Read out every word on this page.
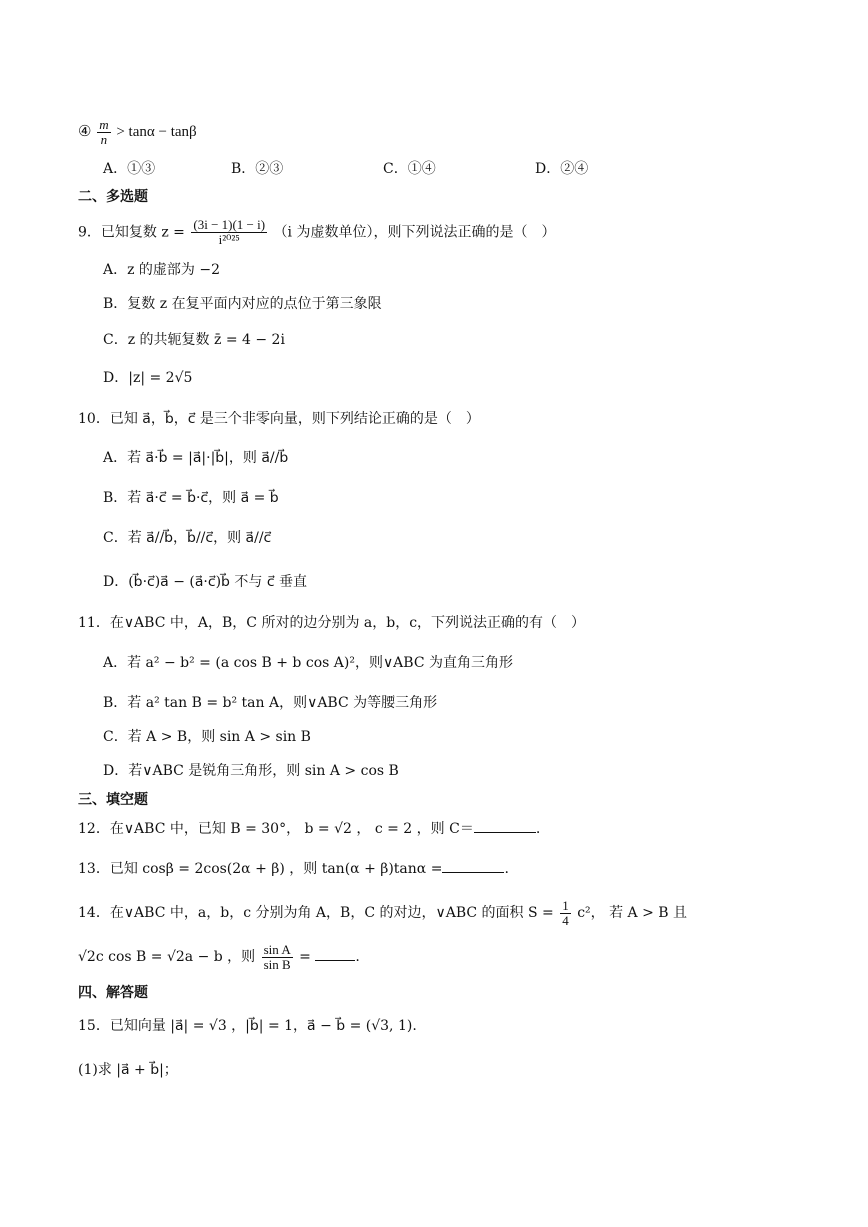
④ $\frac{m}{n} > \tan\alpha - \tan\beta$
A．①③	B．②③	C．①④	D．②④
二、多选题
9．已知复数 $z = \frac{(3i - 1)(1 - i)}{\text{i²⁰²⁵}} (i$ 为虚数单位），则下列说法正确的是（　）
A．z 的虚部为 −2
B．复数 z 在复平面内对应的点位于第三象限
C．z 的共轭复数 z̄ = 4 − 2i
D．|z| = 2√5
10．已知 a⃗，b⃗，c⃗ 是三个非零向量，则下列结论正确的是（　）
A．若 a⃗·b⃗ = |a⃗|·|b⃗|，则 a⃗//b⃗
B．若 a⃗·c⃗ = b⃗·c⃗，则 a⃗ = b⃗
C．若 a⃗//b⃗，b⃗//c⃗，则 a⃗//c⃗
D．(b⃗·c⃗)a⃗ − (a⃗·c⃗)b⃗ 不与 c⃗ 垂直
11．在∨ABC 中，A，B，C 所对的边分别为 a，b，c，下列说法正确的有（　）
A．若 a² − b² = (a cos B + b cos A)²，则∨ABC 为直角三角形
B．若 a² tan B = b² tan A，则∨ABC 为等腰三角形
C．若 A > B，则 sin A > sin B
D．若∨ABC 是锐角三角形，则 sin A > cos B
三、填空题
12．在∨ABC 中，已知 B = 30°， b = √2 ， c = 2 ，则 C＝	.
13．已知 cosβ = 2cos(2α + β) ，则 tan(α + β)tanα =	.
14．在∨ABC 中，a，b，c 分别为角 A，B，C 的对边，∨ABC 的面积 $S = \frac{1}{4} c^2$， 若 A > B 且
√2c cos B = √2a − b ，则 $\frac{\text{sin A}}{\text{sin B}}$ =	.
四、解答题
15．已知向量 |a⃗| = √3 ，|b⃗| = 1，a⃗ − b⃗ = (√3, 1).
(1)求 |a⃗ + b⃗|；
